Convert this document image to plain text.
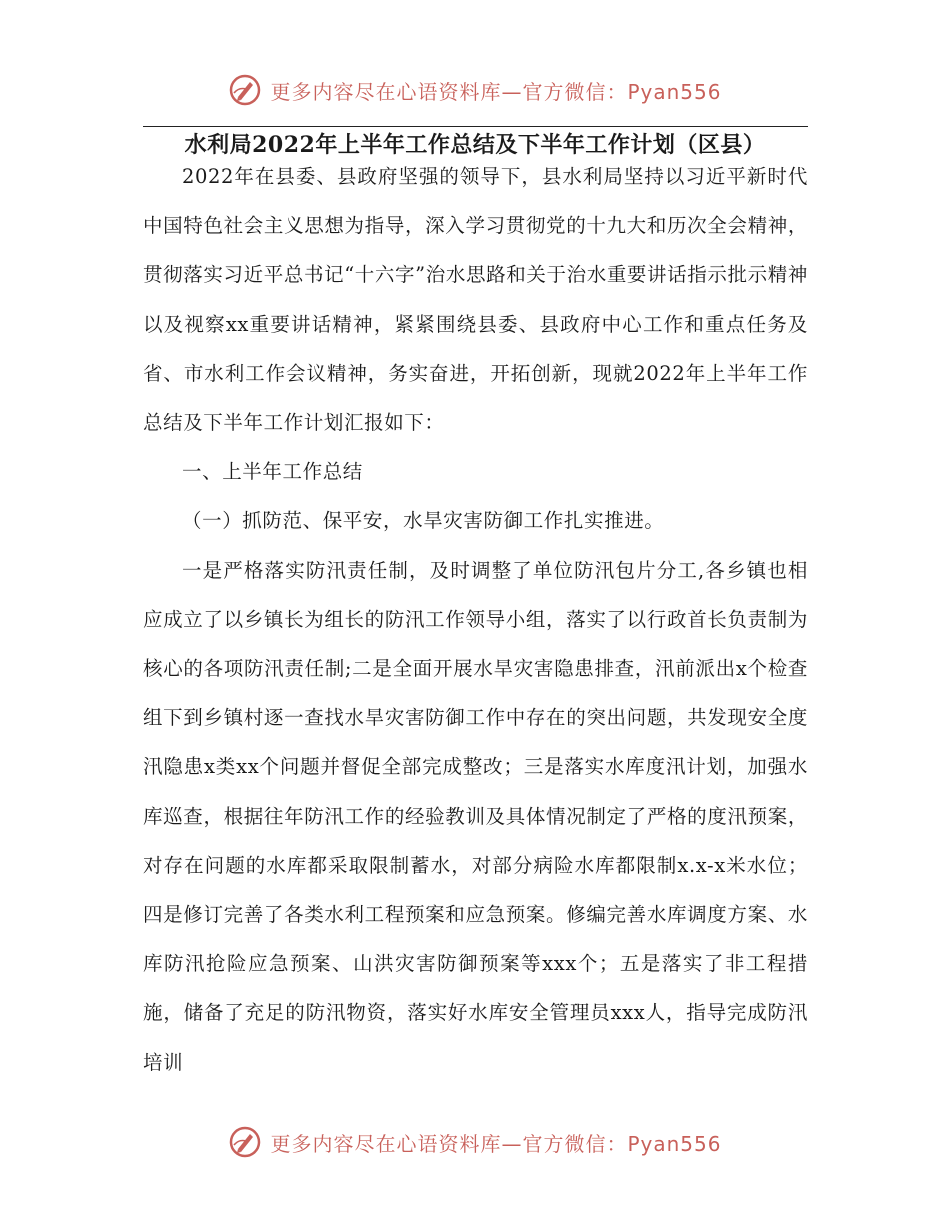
更多内容尽在心语资料库—官方微信：Pyan556
水利局2022年上半年工作总结及下半年工作计划（区县）

2022年在县委、县政府坚强的领导下，县水利局坚持以习近平新时代中国特色社会主义思想为指导，深入学习贯彻党的十九大和历次全会精神，贯彻落实习近平总书记“十六字”治水思路和关于治水重要讲话指示批示精神以及视察xx重要讲话精神，紧紧围绕县委、县政府中心工作和重点任务及省、市水利工作会议精神，务实奋进，开拓创新，现就2022年上半年工作总结及下半年工作计划汇报如下：

一、上半年工作总结

（一）抓防范、保平安，水旱灾害防御工作扎实推进。

一是严格落实防汛责任制，及时调整了单位防汛包片分工,各乡镇也相应成立了以乡镇长为组长的防汛工作领导小组，落实了以行政首长负责制为核心的各项防汛责任制;二是全面开展水旱灾害隐患排查，汛前派出x个检查组下到乡镇村逐一查找水旱灾害防御工作中存在的突出问题，共发现安全度汛隐患x类xx个问题并督促全部完成整改；三是落实水库度汛计划，加强水库巡查，根据往年防汛工作的经验教训及具体情况制定了严格的度汛预案，对存在问题的水库都采取限制蓄水，对部分病险水库都限制x.x-x米水位；四是修订完善了各类水利工程预案和应急预案。修编完善水库调度方案、水库防汛抢险应急预案、山洪灾害防御预案等xxx个；五是落实了非工程措施，储备了充足的防汛物资，落实好水库安全管理员xxx人，指导完成防汛培训

更多内容尽在心语资料库—官方微信：Pyan556
